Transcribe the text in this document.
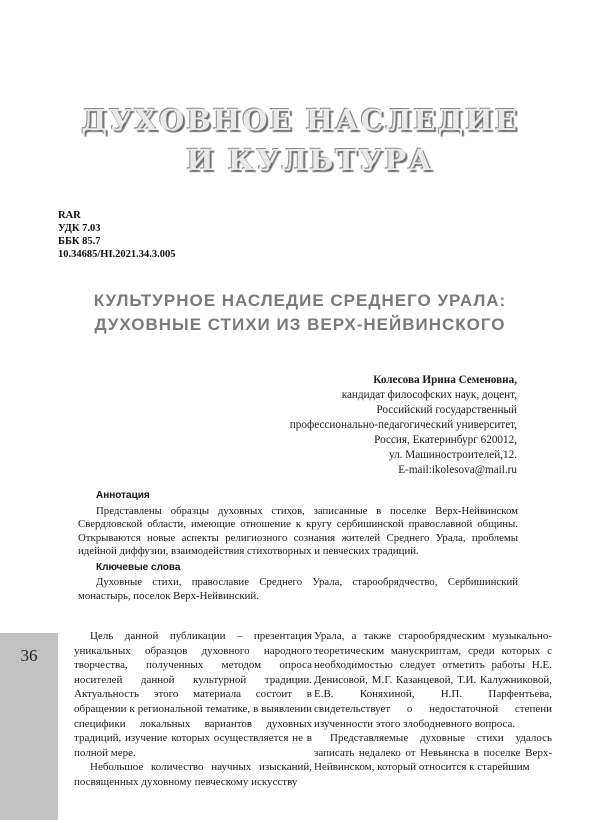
ДУХОВНОЕ НАСЛЕДИЕ
И КУЛЬТУРА
RAR
УДК 7.03
ББК 85.7
10.34685/HI.2021.34.3.005
КУЛЬТУРНОЕ НАСЛЕДИЕ СРЕДНЕГО УРАЛА:
ДУХОВНЫЕ СТИХИ ИЗ ВЕРХ-НЕЙВИНСКОГО
Колесова Ирина Семеновна,
кандидат философских наук, доцент,
Российский государственный
профессионально-педагогический университет,
Россия, Екатеринбург 620012,
ул. Машиностроителей,12.
E-mail:ikolesova@mail.ru
Аннотация

Представлены образцы духовных стихов, записанные в поселке Верх-Нейвинском Свердловской области, имеющие отношение к кругу сербишинской православной общины. Открываются новые аспекты религиозного сознания жителей Среднего Урала, проблемы идейной диффузии, взаимодействия стихотворных и певческих традиций.

Ключевые слова

Духовные стихи, православие Среднего Урала, старообрядчество, Сербишинский монастырь, поселок Верх-Нейвинский.

36

Цель данной публикации – презентация уникальных образцов духовного народного творчества, полученных методом опроса носителей данной культурной традиции. Актуальность этого материала состоит в обращении к региональной тематике, в выявлении специфики локальных вариантов духовных традиций, изучение которых осуществляется не в полной мере.

Небольшое количество научных изысканий, посвященных духовному певческому искусству

Урала, а также старообрядческим музыкально-теоретическим манускриптам, среди которых с необходимостью следует отметить работы Н.Е. Денисовой, М.Г. Казанцевой, Т.И. Калужниковой, Е.В. Коняхиной, Н.П. Парфентьева, свидетельствует о недостаточной степени изученности этого злободневного вопроса.

Представляемые духовные стихи удалось записать недалеко от Невьянска в поселке Верх-Нейвинском, который относится к старейшим
